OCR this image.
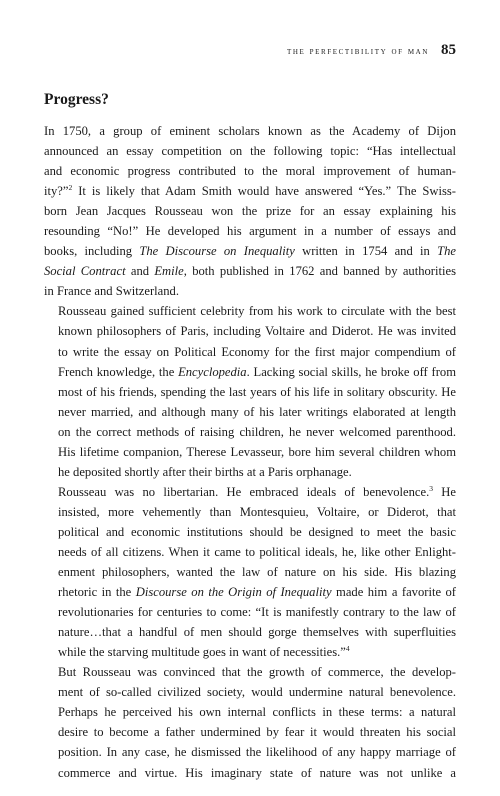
the perfectibility of man 85
Progress?

In 1750, a group of eminent scholars known as the Academy of Dijon
announced an essay competition on the following topic: “Has intellectual
and economic progress contributed to the moral improvement of human-
ity?”$^2$ It is likely that Adam Smith would have answered “Yes.” The Swiss-
born Jean Jacques Rousseau won the prize for an essay explaining his
resounding “No!” He developed his argument in a number of essays and
books, including The Discourse on Inequality written in 1754 and in The
Social Contract and Emile, both published in 1762 and banned by authorities
in France and Switzerland.

Rousseau gained sufficient celebrity from his work to circulate with the best
known philosophers of Paris, including Voltaire and Diderot. He was invited
to write the essay on Political Economy for the first major compendium of
French knowledge, the Encyclopedia. Lacking social skills, he broke off from
most of his friends, spending the last years of his life in solitary obscurity. He
never married, and although many of his later writings elaborated at length
on the correct methods of raising children, he never welcomed parenthood.
His lifetime companion, Therese Levasseur, bore him several children whom
he deposited shortly after their births at a Paris orphanage.

Rousseau was no libertarian. He embraced ideals of benevolence.$^3$ He
insisted, more vehemently than Montesquieu, Voltaire, or Diderot, that
political and economic institutions should be designed to meet the basic
needs of all citizens. When it came to political ideals, he, like other Enlight-
enment philosophers, wanted the law of nature on his side. His blazing
rhetoric in the Discourse on the Origin of Inequality made him a favorite of
revolutionaries for centuries to come: “It is manifestly contrary to the law of
nature…that a handful of men should gorge themselves with superfluities
while the starving multitude goes in want of necessities.”$^4$

But Rousseau was convinced that the growth of commerce, the develop-
ment of so-called civilized society, would undermine natural benevolence.
Perhaps he perceived his own internal conflicts in these terms: a natural
desire to become a father undermined by fear it would threaten his social
position. In any case, he dismissed the likelihood of any happy marriage of
commerce and virtue. His imaginary state of nature was not unlike a
